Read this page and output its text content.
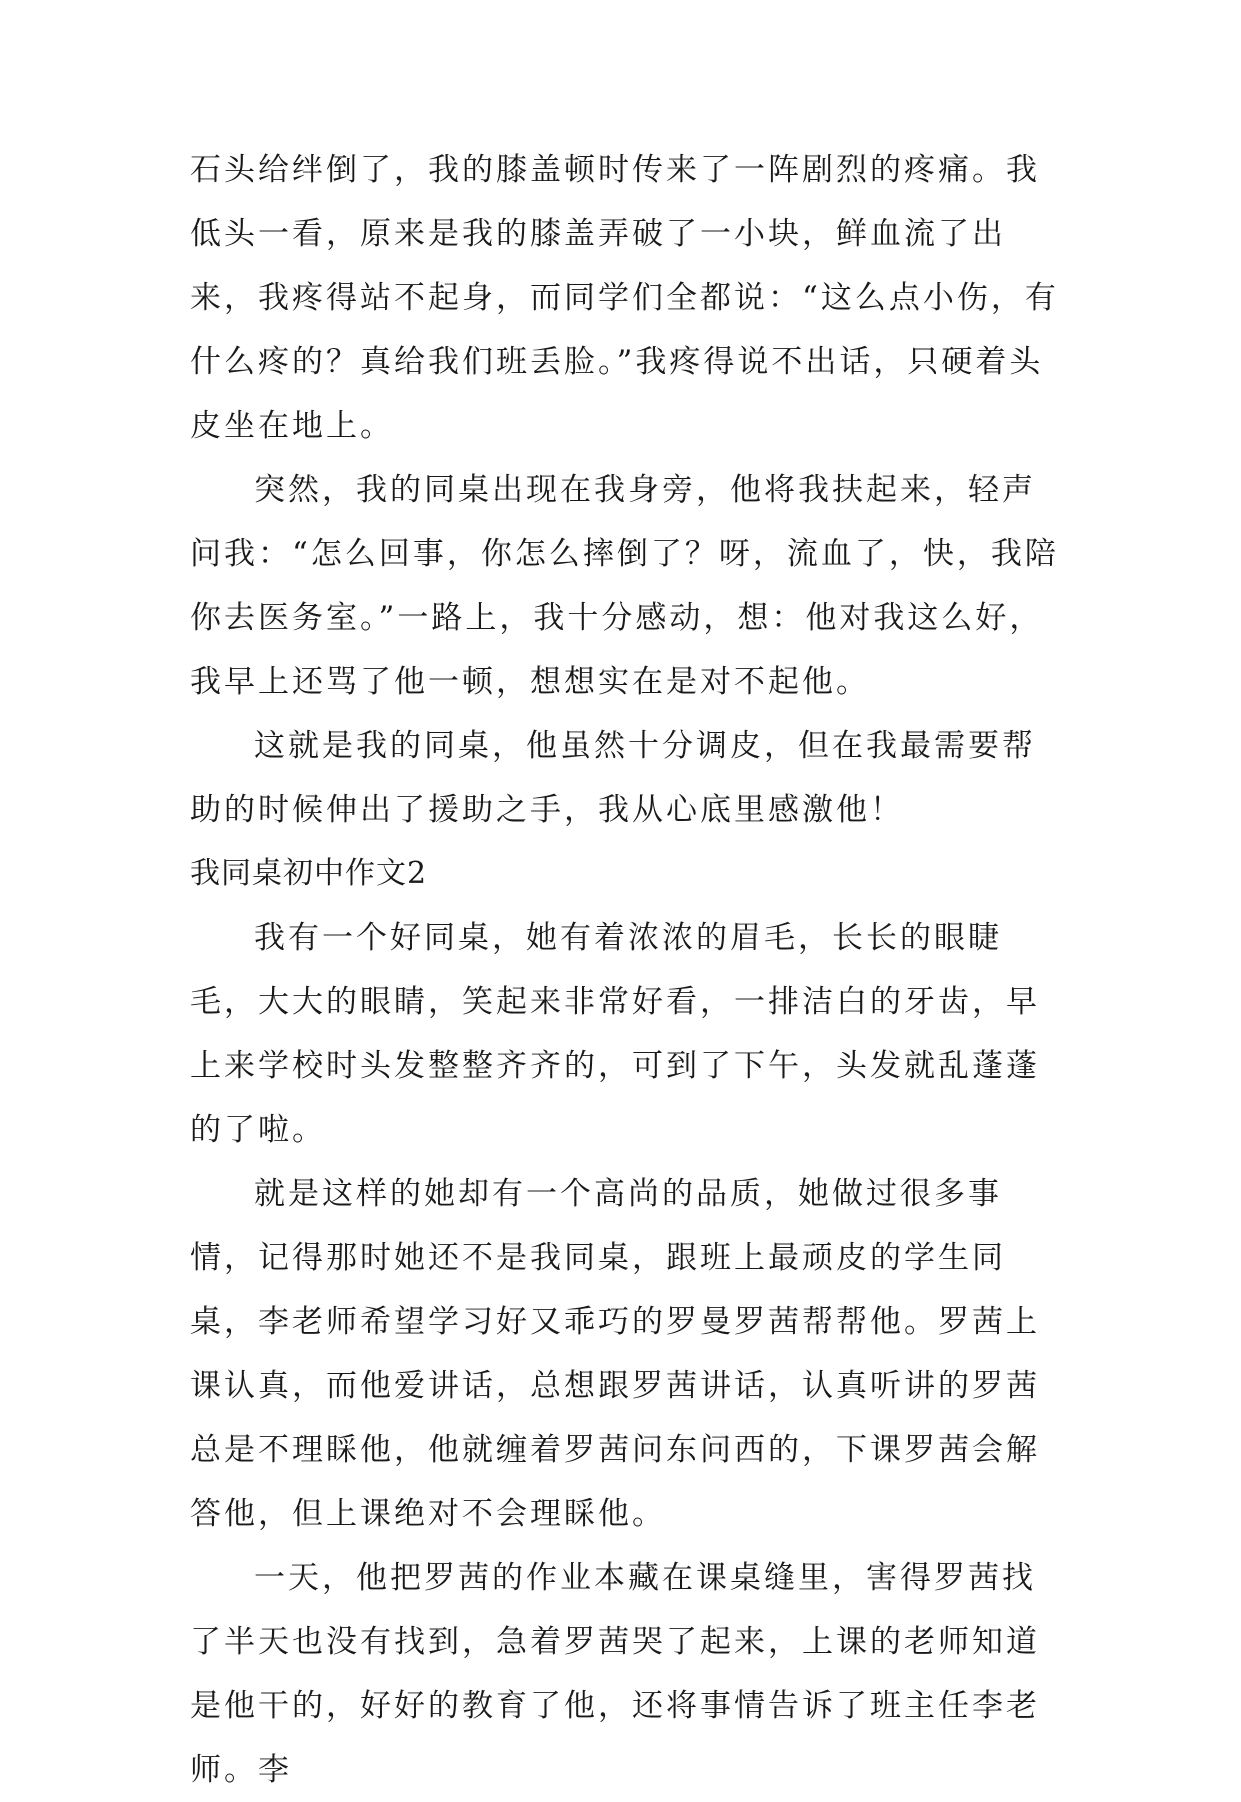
石头给绊倒了，我的膝盖顿时传来了一阵剧烈的疼痛。我低头一看，原来是我的膝盖弄破了一小块，鲜血流了出来，我疼得站不起身，而同学们全都说：“这么点小伤，有什么疼的？真给我们班丢脸。”我疼得说不出话，只硬着头皮坐在地上。

突然，我的同桌出现在我身旁，他将我扶起来，轻声问我：“怎么回事，你怎么摔倒了？呀，流血了，快，我陪你去医务室。”一路上，我十分感动，想：他对我这么好，我早上还骂了他一顿，想想实在是对不起他。

这就是我的同桌，他虽然十分调皮，但在我最需要帮助的时候伸出了援助之手，我从心底里感激他！

我同桌初中作文2

我有一个好同桌，她有着浓浓的眉毛，长长的眼睫毛，大大的眼睛，笑起来非常好看，一排洁白的牙齿，早上来学校时头发整整齐齐的，可到了下午，头发就乱蓬蓬的了啦。

就是这样的她却有一个高尚的品质，她做过很多事情，记得那时她还不是我同桌，跟班上最顽皮的学生同桌，李老师希望学习好又乖巧的罗曼罗茜帮帮他。罗茜上课认真，而他爱讲话，总想跟罗茜讲话，认真听讲的罗茜总是不理睬他，他就缠着罗茜问东问西的，下课罗茜会解答他，但上课绝对不会理睬他。

一天，他把罗茜的作业本藏在课桌缝里，害得罗茜找了半天也没有找到，急着罗茜哭了起来，上课的老师知道是他干的，好好的教育了他，还将事情告诉了班主任李老师。李
